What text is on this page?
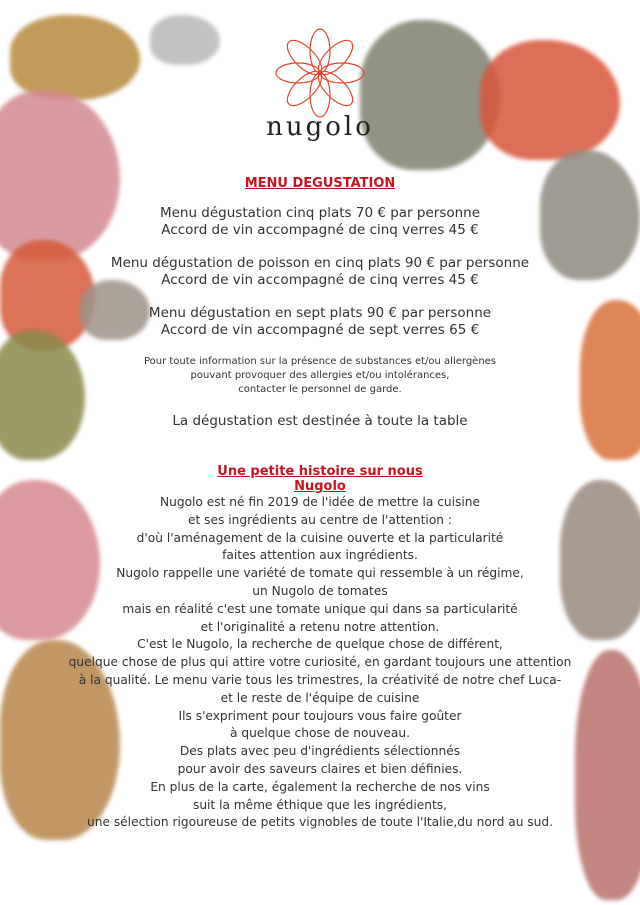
nugolo
MENU DEGUSTATION
Menu dégustation cinq plats 70 € par personne
Accord de vin accompagné de cinq verres 45 €
Menu dégustation de poisson en cinq plats 90 € par personne
Accord de vin accompagné de cinq verres 45 €
Menu dégustation en sept plats 90 € par personne
Accord de vin accompagné de sept verres 65 €
Pour toute information sur la présence de substances et/ou allergènes
pouvant provoquer des allergies et/ou intolérances,
contacter le personnel de garde.
La dégustation est destinée à toute la table
Une petite histoire sur nous
Nugolo
Nugolo est né fin 2019 de l'idée de mettre la cuisine
et ses ingrédients au centre de l'attention :
d'où l'aménagement de la cuisine ouverte et la particularité
faites attention aux ingrédients.
Nugolo rappelle une variété de tomate qui ressemble à un régime,
un Nugolo de tomates
mais en réalité c'est une tomate unique qui dans sa particularité
et l'originalité a retenu notre attention.
C'est le Nugolo, la recherche de quelque chose de différent,
quelque chose de plus qui attire votre curiosité, en gardant toujours une attention
à la qualité. Le menu varie tous les trimestres, la créativité de notre chef Luca-
et le reste de l'équipe de cuisine
Ils s'expriment pour toujours vous faire goûter
à quelque chose de nouveau.
Des plats avec peu d'ingrédients sélectionnés
pour avoir des saveurs claires et bien définies.
En plus de la carte, également la recherche de nos vins
suit la même éthique que les ingrédients,
une sélection rigoureuse de petits vignobles de toute l'Italie,du nord au sud.
